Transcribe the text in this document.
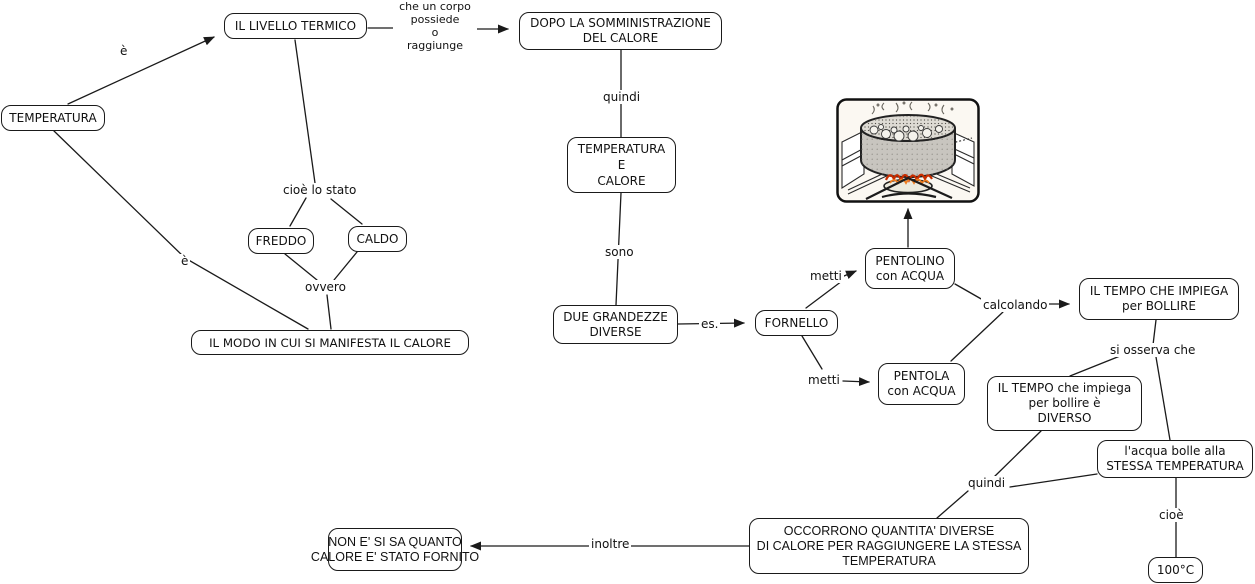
TEMPERATURA
IL LIVELLO TERMICO	DOPO LA SOMMINISTRAZIONE
DEL CALORE
TEMPERATURA
E
CALORE
FREDDO	CALDO
IL MODO IN CUI SI MANIFESTA IL CALORE
DUE GRANDEZZE
DIVERSE
FORNELLO
PENTOLINO
con ACQUA
PENTOLA
con ACQUA
IL TEMPO CHE IMPIEGA
per BOLLIRE
IL TEMPO che impiega
per bollire è
DIVERSO
l'acqua bolle alla
STESSA TEMPERATURA
100°C
OCCORRONO QUANTITA' DIVERSE
DI CALORE PER RAGGIUNGERE LA STESSA
TEMPERATURA
NON E' SI SA QUANTO
CALORE E' STATO FORNITO
è
che un corpo
possiede
o
raggiunge
quindi
cioè lo stato
ovvero
è
sono
es.
metti
metti
calcolando
si osserva che
quindi
cioè
inoltre
